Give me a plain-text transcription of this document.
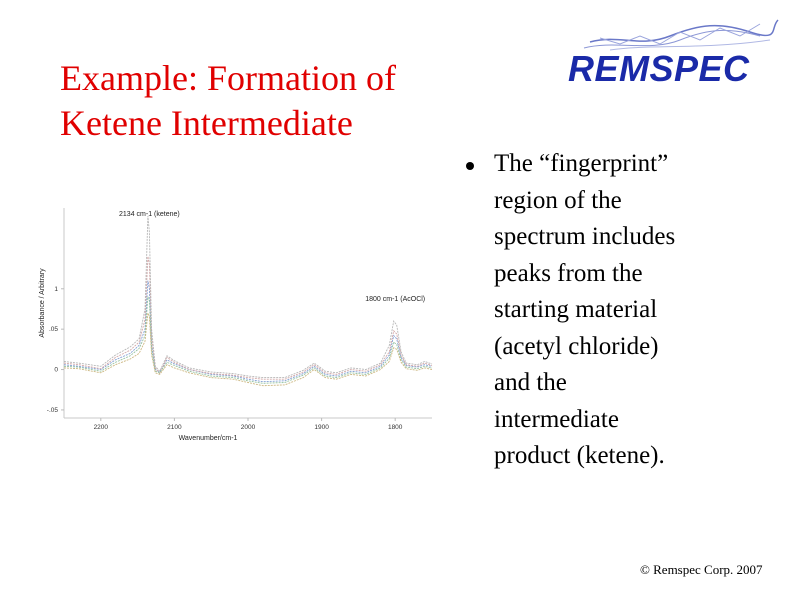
Example: Formation of
Ketene Intermediate
REMSPEC
2200	2100	2000	1900	1800
1
.05
0
-.05
Wavenumber/cm-1
Absorbance / Arbitrary
2134 cm-1 (ketene)
1800 cm-1 (AcOCl)
The “fingerprint”
region of the
spectrum includes
peaks from the
starting material
(acetyl chloride)
and the
intermediate
product (ketene).
© Remspec Corp. 2007
